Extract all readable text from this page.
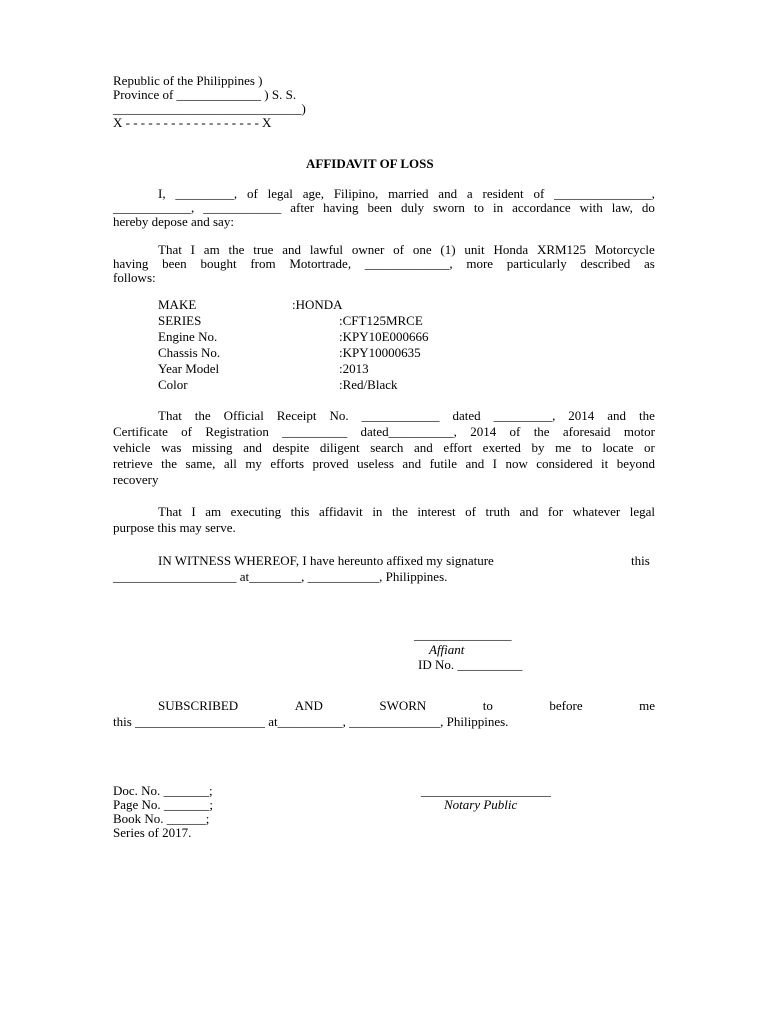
Republic of the Philippines )
Province of _____________ ) S. S.
_____________________________)
X - - - - - - - - - - - - - - - - - - X
AFFIDAVIT OF LOSS
I, _________, of legal age, Filipino, married and a resident of _______________,
____________, ____________ after having been duly sworn to in accordance with law, do
hereby depose and say:
That I am the true and lawful owner of one (1) unit Honda XRM125 Motorcycle
having been bought from Motortrade, _____________, more particularly described as
follows:
MAKE	:HONDA
SERIES	:CFT125MRCE
Engine No.	:KPY10E000666
Chassis No.	:KPY10000635
Year Model	:2013
Color	:Red/Black
That the Official Receipt No. ____________ dated _________, 2014 and the
Certificate of Registration __________ dated__________, 2014 of the aforesaid motor
vehicle was missing and despite diligent search and effort exerted by me to locate or
retrieve the same, all my efforts proved useless and futile and I now considered it beyond
recovery
That I am executing this affidavit in the interest of truth and for whatever legal
purpose this may serve.
IN WITNESS WHEREOF, I have hereunto affixed my signature	this
___________________ at________, ___________, Philippines.
_______________
Affiant
ID No. __________
SUBSCRIBED	AND	SWORN	to	before	me
this ____________________ at__________, ______________, Philippines.
Doc. No. _______;
Page No. _______;
Book No. ______;
Series of 2017.
____________________
Notary Public
